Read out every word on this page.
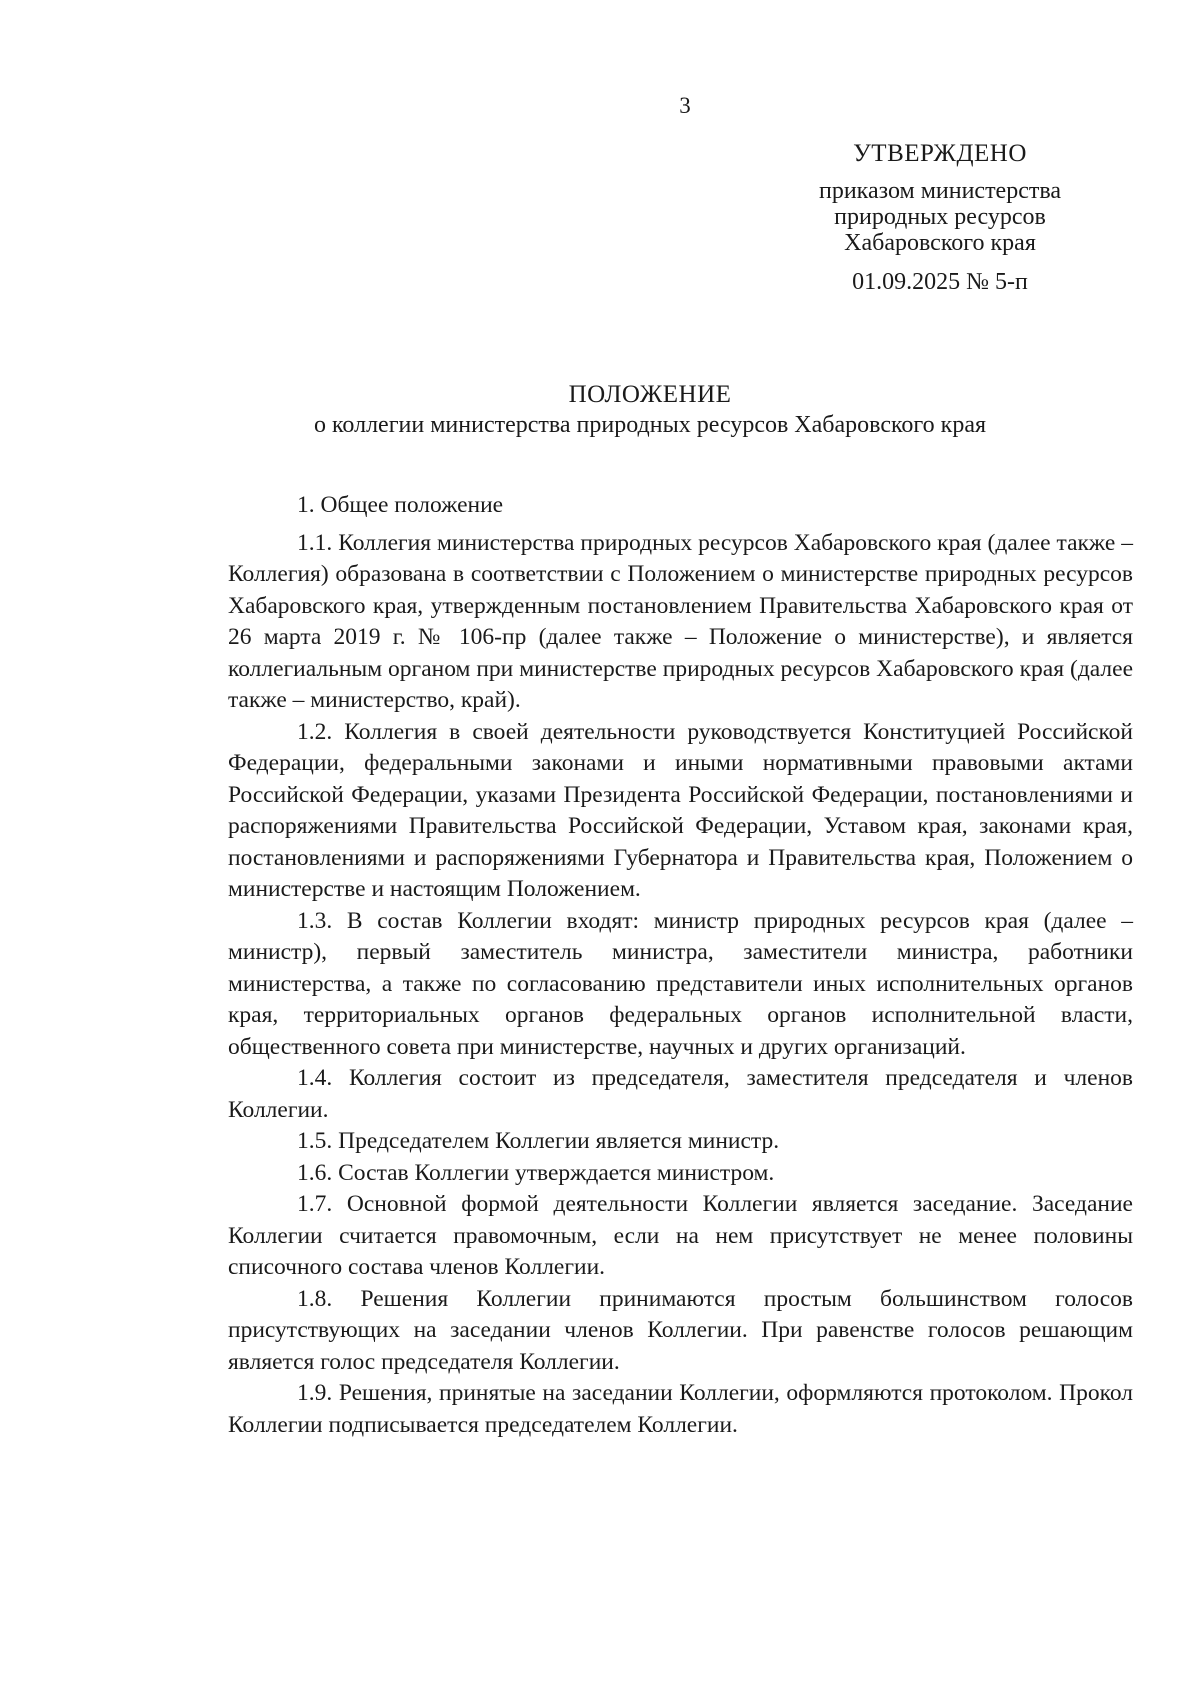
3
УТВЕРЖДЕНО
приказом министерства
природных ресурсов
Хабаровского края
01.09.2025 № 5-п
ПОЛОЖЕНИЕ
о коллегии министерства природных ресурсов Хабаровского края

1. Общее положение

1.1. Коллегия министерства природных ресурсов Хабаровского края (далее также – Коллегия) образована в соответствии с Положением о министерстве природных ресурсов Хабаровского края, утвержденным постановлением Правительства Хабаровского края от 26 марта 2019 г. № 106-пр (далее также – Положение о министерстве), и является коллегиальным органом при министерстве природных ресурсов Хабаровского края (далее также – министерство, край).

1.2. Коллегия в своей деятельности руководствуется Конституцией Российской Федерации, федеральными законами и иными нормативными правовыми актами Российской Федерации, указами Президента Российской Федерации, постановлениями и распоряжениями Правительства Российской Федерации, Уставом края, законами края, постановлениями и распоряжениями Губернатора и Правительства края, Положением о министерстве и настоящим Положением.

1.3. В состав Коллегии входят: министр природных ресурсов края (далее – министр), первый заместитель министра, заместители министра, работники министерства, а также по согласованию представители иных исполнительных органов края, территориальных органов федеральных органов исполнительной власти, общественного совета при министерстве, научных и других организаций.

1.4. Коллегия состоит из председателя, заместителя председателя и членов Коллегии.

1.5. Председателем Коллегии является министр.

1.6. Состав Коллегии утверждается министром.

1.7. Основной формой деятельности Коллегии является заседание. Заседание Коллегии считается правомочным, если на нем присутствует не менее половины списочного состава членов Коллегии.

1.8. Решения Коллегии принимаются простым большинством голосов присутствующих на заседании членов Коллегии. При равенстве голосов решающим является голос председателя Коллегии.

1.9. Решения, принятые на заседании Коллегии, оформляются протоколом. Прокол Коллегии подписывается председателем Коллегии.
